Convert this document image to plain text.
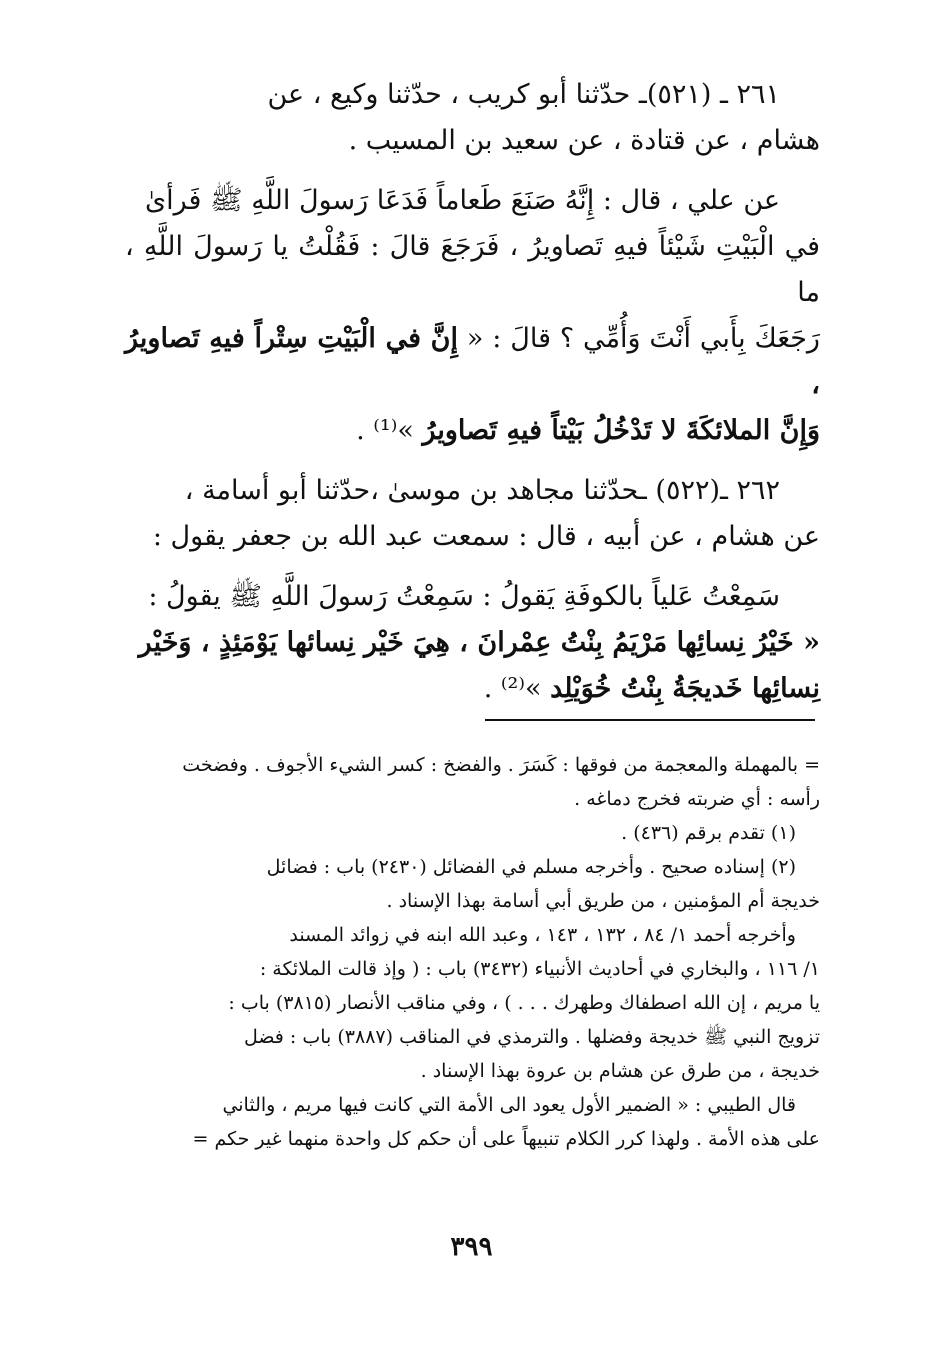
٢٦١ ـ (٥٢١)ـ حدّثنا أبو كريب ، حدّثنا وكيع ، عن

هشام ، عن قتادة ، عن سعيد بن المسيب .

عن علي ، قال : إِنَّهُ صَنَعَ طَعاماً فَدَعَا رَسولَ اللَّهِ ﷺ فَرأىٰ

في الْبَيْتِ شَيْئاً فيهِ تَصاويرُ ، فَرَجَعَ قالَ : فَقُلْتُ يا رَسولَ اللَّهِ ، ما

رَجَعَكَ بِأَبي أَنْتَ وَأُمِّي ؟ قالَ : « إِنَّ في الْبَيْتِ سِتْراً فيهِ تَصاويرُ ،

وَإِنَّ الملائكَةَ لا تَدْخُلُ بَيْتاً فيهِ تَصاويرُ »⁽¹⁾ .

٢٦٢ ـ(٥٢٢) ـحدّثنا مجاهد بن موسىٰ ،حدّثنا أبو أسامة ،

عن هشام ، عن أبيه ، قال : سمعت عبد الله بن جعفر يقول :

سَمِعْتُ عَلياً بالكوفَةِ يَقولُ : سَمِعْتُ رَسولَ اللَّهِ ﷺ يقولُ :

« خَيْرُ نِسائِها مَرْيَمُ بِنْتُ عِمْرانَ ، هِيَ خَيْر نِسائها يَوْمَئِذٍ ، وَخَيْر

نِسائِها خَديجَةُ بِنْتُ خُوَيْلِد »⁽²⁾ .

= بالمهملة والمعجمة من فوقها : كَسَرَ . والفضخ : كسر الشيء الأجوف . وفضخت

رأسه : أي ضربته فخرج دماغه .

(١) تقدم برقم (٤٣٦) .

(٢) إسناده صحيح . وأخرجه مسلم في الفضائل (٢٤٣٠) باب : فضائل

خديجة أم المؤمنين ، من طريق أبي أسامة بهذا الإسناد .

وأخرجه أحمد ١/ ٨٤ ، ١٣٢ ، ١٤٣ ، وعبد الله ابنه في زوائد المسند

١/ ١١٦ ، والبخاري في أحاديث الأنبياء (٣٤٣٢) باب : ( وإذ قالت الملائكة :

يا مريم ، إن الله اصطفاك وطهرك . . . ) ، وفي مناقب الأنصار (٣٨١٥) باب :

تزويج النبي ﷺ خديجة وفضلها . والترمذي في المناقب (٣٨٨٧) باب : فضل

خديجة ، من طرق عن هشام بن عروة بهذا الإسناد .

قال الطيبي : « الضمير الأول يعود الى الأمة التي كانت فيها مريم ، والثاني

على هذه الأمة . ولهذا كرر الكلام تنبيهاً على أن حكم كل واحدة منهما غير حكم =

٣٩٩
